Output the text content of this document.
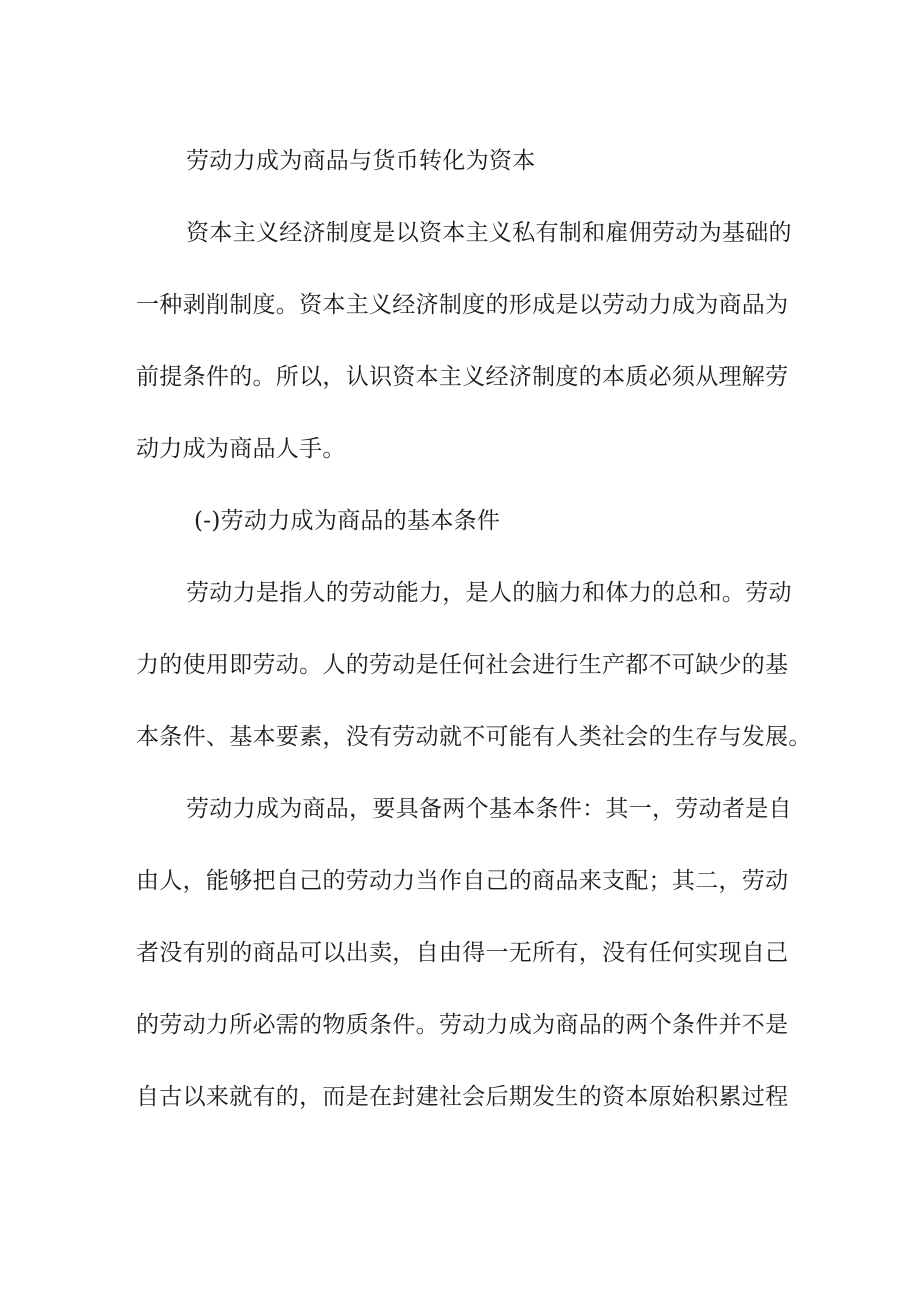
劳动力成为商品与货币转化为资本
资本主义经济制度是以资本主义私有制和雇佣劳动为基础的
一种剥削制度。资本主义经济制度的形成是以劳动力成为商品为
前提条件的。所以，认识资本主义经济制度的本质必须从理解劳
动力成为商品人手。
(-)劳动力成为商品的基本条件
劳动力是指人的劳动能力，是人的脑力和体力的总和。劳动
力的使用即劳动。人的劳动是任何社会进行生产都不可缺少的基
本条件、基本要素，没有劳动就不可能有人类社会的生存与发展。
劳动力成为商品，要具备两个基本条件：其一，劳动者是自
由人，能够把自己的劳动力当作自己的商品来支配；其二，劳动
者没有别的商品可以出卖，自由得一无所有，没有任何实现自己
的劳动力所必需的物质条件。劳动力成为商品的两个条件并不是
自古以来就有的，而是在封建社会后期发生的资本原始积累过程
